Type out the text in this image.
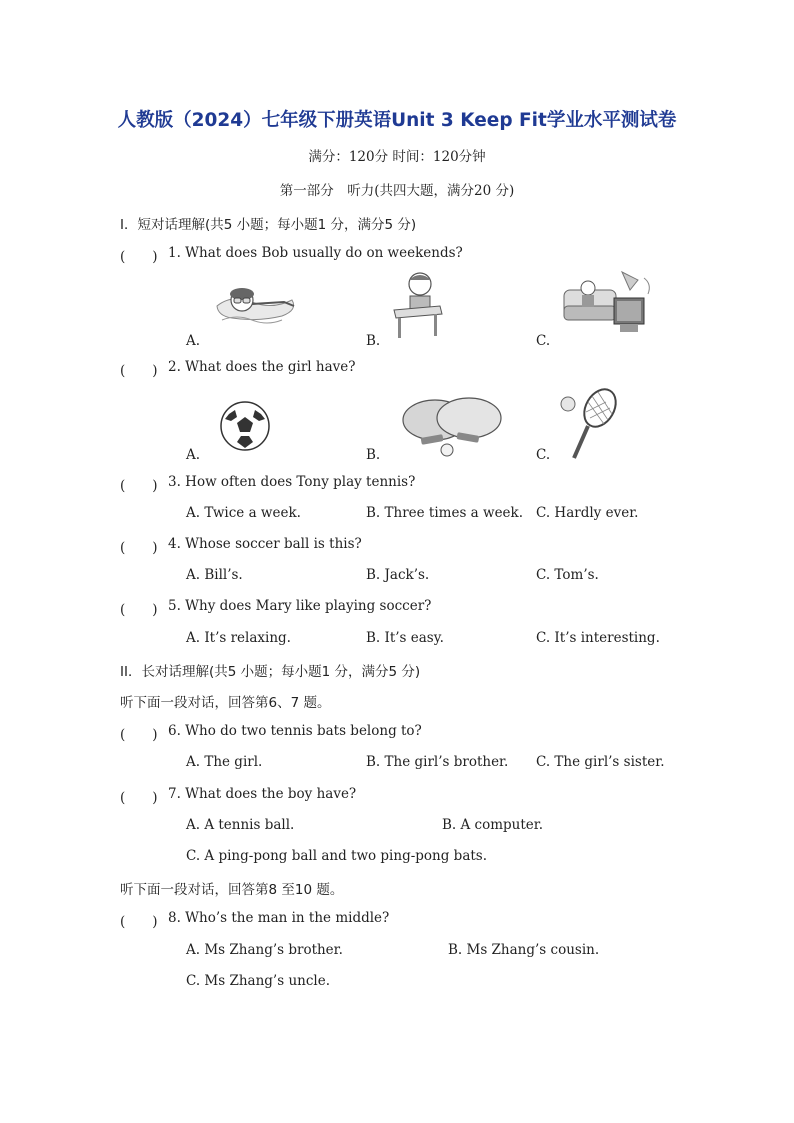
人教版（2024）七年级下册英语Unit 3 Keep Fit学业水平测试卷
满分：120分 时间：120分钟
第一部分　听力(共四大题，满分20 分)
I．短对话理解(共5 小题；每小题1 分，满分5 分)
(　　) 1. What does Bob usually do on weekends?
A.	B.	C.
(　　) 2. What does the girl have?
A.	B.	C.
(　　) 3. How often does Tony play tennis?
A. Twice a week.	B. Three times a week. C. Hardly ever.
(　　) 4. Whose soccer ball is this?
A. Bill’s.	B. Jack’s.	C. Tom’s.
(　　) 5. Why does Mary like playing soccer?
A. It’s relaxing.	B. It’s easy.	C. It’s interesting.
II．长对话理解(共5 小题；每小题1 分，满分5 分)
听下面一段对话，回答第6、7 题。
(　　) 6. Who do two tennis bats belong to?
A. The girl.	B. The girl’s brother. C. The girl’s sister.
(　　) 7. What does the boy have?
A. A tennis ball.	B. A computer.
C. A ping-pong ball and two ping-pong bats.
听下面一段对话，回答第8 至10 题。
(　　) 8. Who’s the man in the middle?
A. Ms Zhang’s brother.	B. Ms Zhang’s cousin.
C. Ms Zhang’s uncle.
